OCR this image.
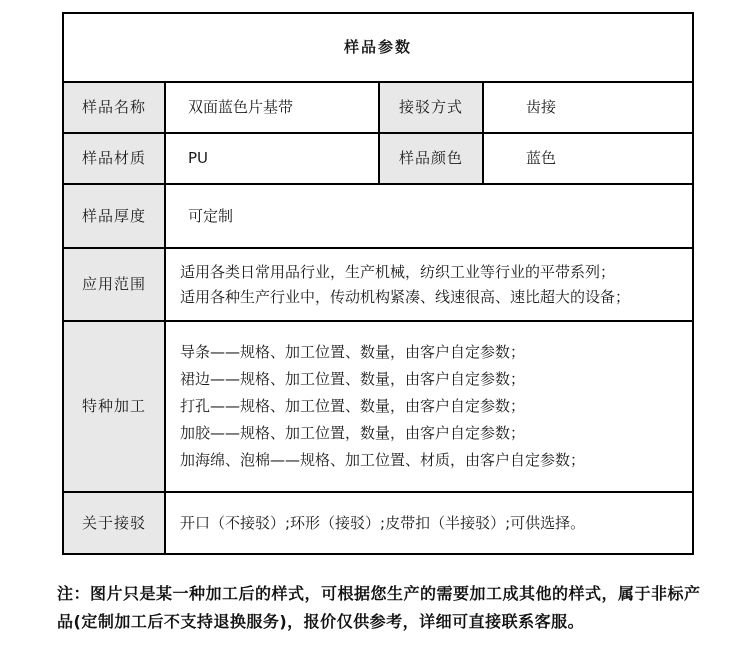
样品参数			
样品名称	双面蓝色片基带	接驳方式	齿接
样品材质	PU	样品颜色	蓝色
样品厚度	可定制		
应用范围	适用各类日常用品行业，生产机械，纺织工业等行业的平带系列；
适用各种生产行业中，传动机构紧凑、线速很高、速比超大的设备；		

特种加工	导条——规格、加工位置、数量，由客户自定参数；
裙边——规格、加工位置、数量，由客户自定参数；
打孔——规格、加工位置、数量，由客户自定参数；
加胶——规格、加工位置，数量，由客户自定参数；
加海绵、泡棉——规格、加工位置、材质，由客户自定参数；		

关于接驳	开口（不接驳）;环形（接驳）;皮带扣（半接驳）;可供选择。		
注：图片只是某一种加工后的样式，可根据您生产的需要加工成其他的样式，属于非标产品(定制加工后不支持退换服务)，报价仅供参考，详细可直接联系客服。
